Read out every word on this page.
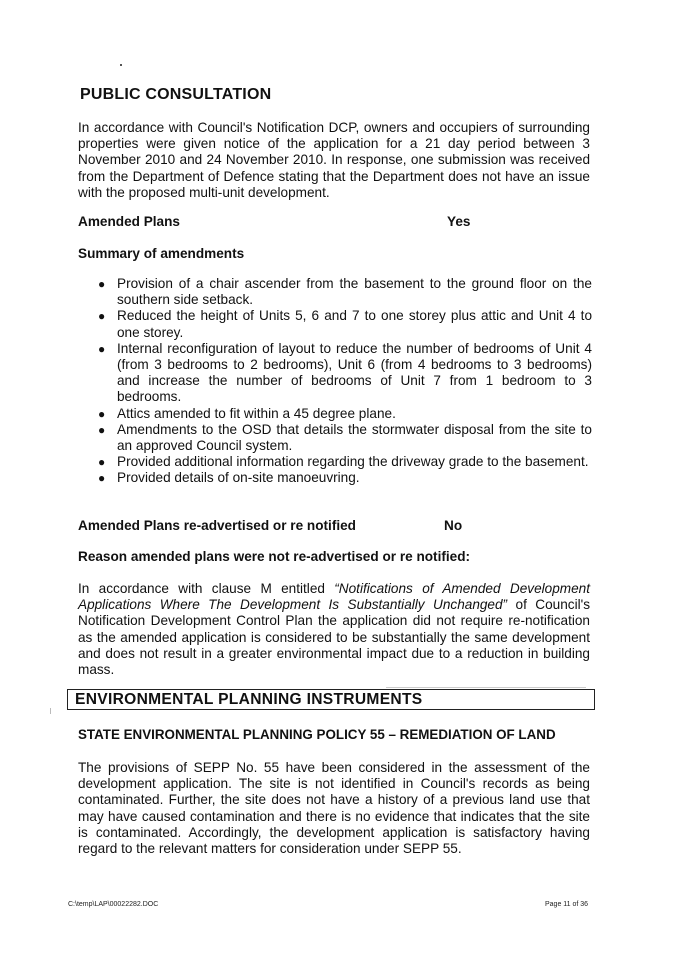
PUBLIC CONSULTATION
In accordance with Council's Notification DCP, owners and occupiers of surrounding properties were given notice of the application for a 21 day period between 3 November 2010 and 24 November 2010. In response, one submission was received from the Department of Defence stating that the Department does not have an issue with the proposed multi-unit development.
Amended Plans	Yes
Summary of amendments
● Provision of a chair ascender from the basement to the ground floor on the southern side setback.
● Reduced the height of Units 5, 6 and 7 to one storey plus attic and Unit 4 to one storey.
● Internal reconfiguration of layout to reduce the number of bedrooms of Unit 4 (from 3 bedrooms to 2 bedrooms), Unit 6 (from 4 bedrooms to 3 bedrooms) and increase the number of bedrooms of Unit 7 from 1 bedroom to 3 bedrooms.
● Attics amended to fit within a 45 degree plane.
● Amendments to the OSD that details the stormwater disposal from the site to an approved Council system.
● Provided additional information regarding the driveway grade to the basement.
● Provided details of on-site manoeuvring.
Amended Plans re-advertised or re notified	No
Reason amended plans were not re-advertised or re notified:
In accordance with clause M entitled “Notifications of Amended Development Applications Where The Development Is Substantially Unchanged” of Council's Notification Development Control Plan the application did not require re-notification as the amended application is considered to be substantially the same development and does not result in a greater environmental impact due to a reduction in building mass.
ENVIRONMENTAL PLANNING INSTRUMENTS
STATE ENVIRONMENTAL PLANNING POLICY 55 – REMEDIATION OF LAND
The provisions of SEPP No. 55 have been considered in the assessment of the development application. The site is not identified in Council's records as being contaminated. Further, the site does not have a history of a previous land use that may have caused contamination and there is no evidence that indicates that the site is contaminated. Accordingly, the development application is satisfactory having regard to the relevant matters for consideration under SEPP 55.
C:\temp\LAP\00022282.DOC	Page 11 of 36
